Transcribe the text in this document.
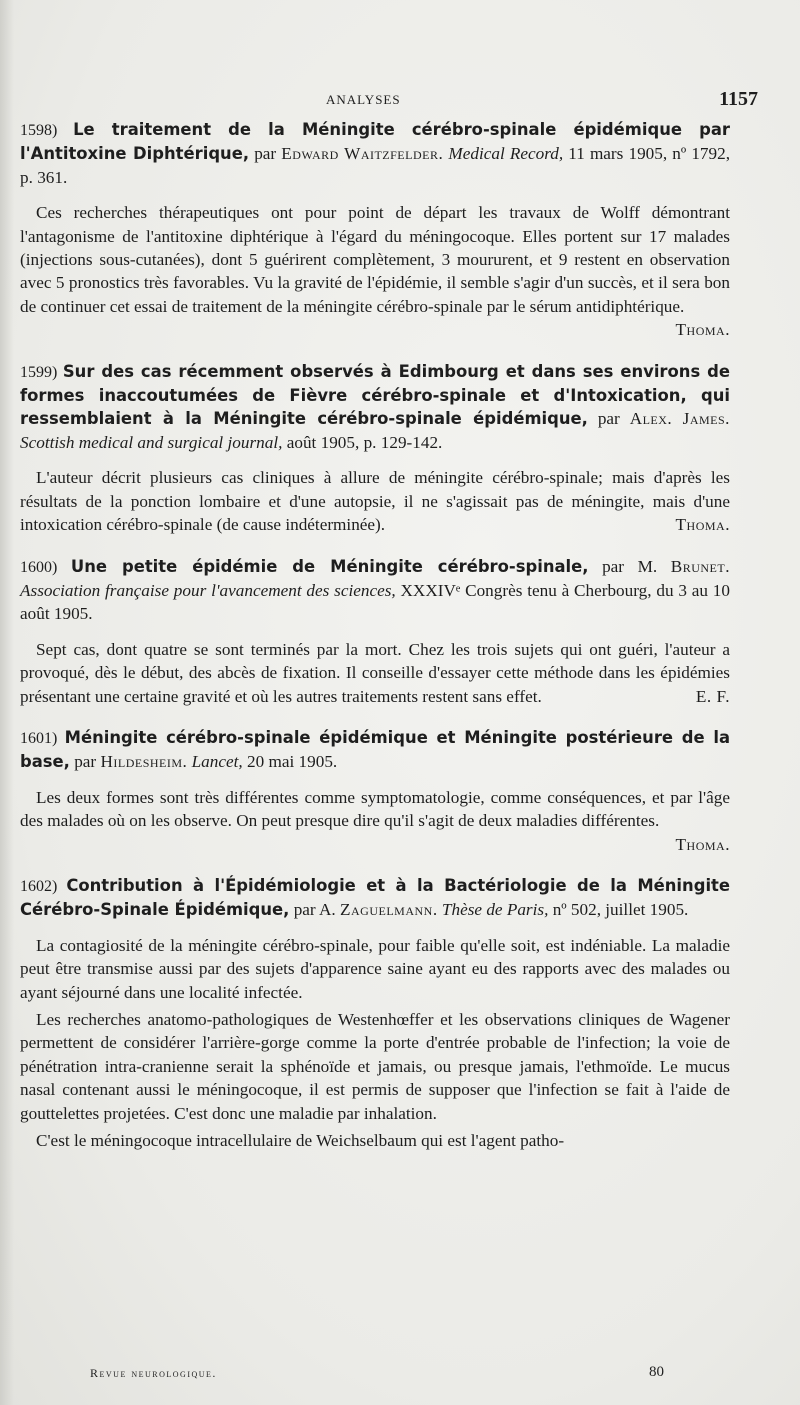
ANALYSES	1157
1598) Le traitement de la Méningite cérébro-spinale épidémique par l'Antitoxine Diphtérique, par Edward Waitzfelder. Medical Record, 11 mars 1905, nº 1792, p. 361.

Ces recherches thérapeutiques ont pour point de départ les travaux de Wolff démontrant l'antagonisme de l'antitoxine diphtérique à l'égard du méningocoque. Elles portent sur 17 malades (injections sous-cutanées), dont 5 guérirent complètement, 3 moururent, et 9 restent en observation avec 5 pronostics très favorables. Vu la gravité de l'épidémie, il semble s'agir d'un succès, et il sera bon de continuer cet essai de traitement de la méningite cérébro-spinale par le sérum antidiphtérique.
Thoma.

1599) Sur des cas récemment observés à Edimbourg et dans ses environs de formes inaccoutumées de Fièvre cérébro-spinale et d'Intoxication, qui ressemblaient à la Méningite cérébro-spinale épidémique, par Alex. James. Scottish medical and surgical journal, août 1905, p. 129-142.

L'auteur décrit plusieurs cas cliniques à allure de méningite cérébro-spinale; mais d'après les résultats de la ponction lombaire et d'une autopsie, il ne s'agissait pas de méningite, mais d'une intoxication cérébro-spinale (de cause indéterminée).	Thoma.

1600) Une petite épidémie de Méningite cérébro-spinale, par M. Brunet. Association française pour l'avancement des sciences, XXXIVᵉ Congrès tenu à Cherbourg, du 3 au 10 août 1905.

Sept cas, dont quatre se sont terminés par la mort. Chez les trois sujets qui ont guéri, l'auteur a provoqué, dès le début, des abcès de fixation. Il conseille d'essayer cette méthode dans les épidémies présentant une certaine gravité et où les autres traitements restent sans effet.	E. F.

1601) Méningite cérébro-spinale épidémique et Méningite postérieure de la base, par Hildesheim. Lancet, 20 mai 1905.

Les deux formes sont très différentes comme symptomatologie, comme conséquences, et par l'âge des malades où on les observe. On peut presque dire qu'il s'agit de deux maladies différentes.
Thoma.

1602) Contribution à l'Épidémiologie et à la Bactériologie de la Méningite Cérébro-Spinale Épidémique, par A. Zaguelmann. Thèse de Paris, nº 502, juillet 1905.

La contagiosité de la méningite cérébro-spinale, pour faible qu'elle soit, est indéniable. La maladie peut être transmise aussi par des sujets d'apparence saine ayant eu des rapports avec des malades ou ayant séjourné dans une localité infectée.

Les recherches anatomo-pathologiques de Westenhœffer et les observations cliniques de Wagener permettent de considérer l'arrière-gorge comme la porte d'entrée probable de l'infection; la voie de pénétration intra-cranienne serait la sphénoïde et jamais, ou presque jamais, l'ethmoïde. Le mucus nasal contenant aussi le méningocoque, il est permis de supposer que l'infection se fait à l'aide de gouttelettes projetées. C'est donc une maladie par inhalation.

C'est le méningocoque intracellulaire de Weichselbaum qui est l'agent patho-

Revue neurologique.	80
